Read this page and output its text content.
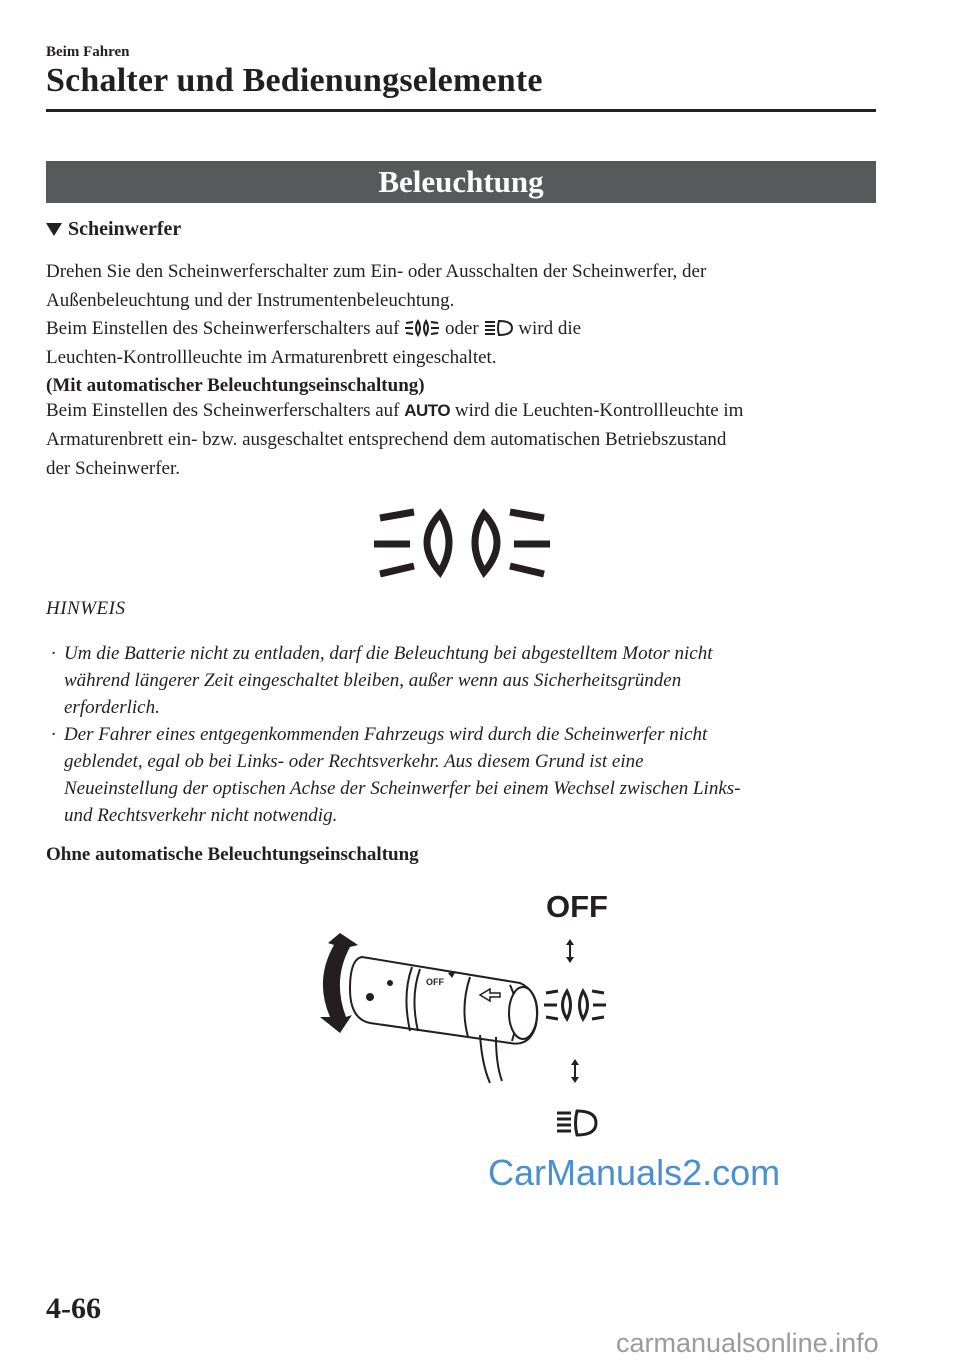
Beim Fahren
Schalter und Bedienungselemente
Beleuchtung
Scheinwerfer
Drehen Sie den Scheinwerferschalter zum Ein- oder Ausschalten der Scheinwerfer, der
Außenbeleuchtung und der Instrumentenbeleuchtung.
Beim Einstellen des Scheinwerferschalters auf oder wird die
Leuchten-Kontrollleuchte im Armaturenbrett eingeschaltet.
(Mit automatischer Beleuchtungseinschaltung)
Beim Einstellen des Scheinwerferschalters auf AUTO wird die Leuchten-Kontrollleuchte im
Armaturenbrett ein- bzw. ausgeschaltet entsprechend dem automatischen Betriebszustand
der Scheinwerfer.
HINWEIS
· Um die Batterie nicht zu entladen, darf die Beleuchtung bei abgestelltem Motor nicht
während längerer Zeit eingeschaltet bleiben, außer wenn aus Sicherheitsgründen
erforderlich.
· Der Fahrer eines entgegenkommenden Fahrzeugs wird durch die Scheinwerfer nicht
geblendet, egal ob bei Links- oder Rechtsverkehr. Aus diesem Grund ist eine
Neueinstellung der optischen Achse der Scheinwerfer bei einem Wechsel zwischen Links-
und Rechtsverkehr nicht notwendig.
Ohne automatische Beleuchtungseinschaltung
OFF
OFF
CarManuals2.com
4-66
carmanualsonline.info
